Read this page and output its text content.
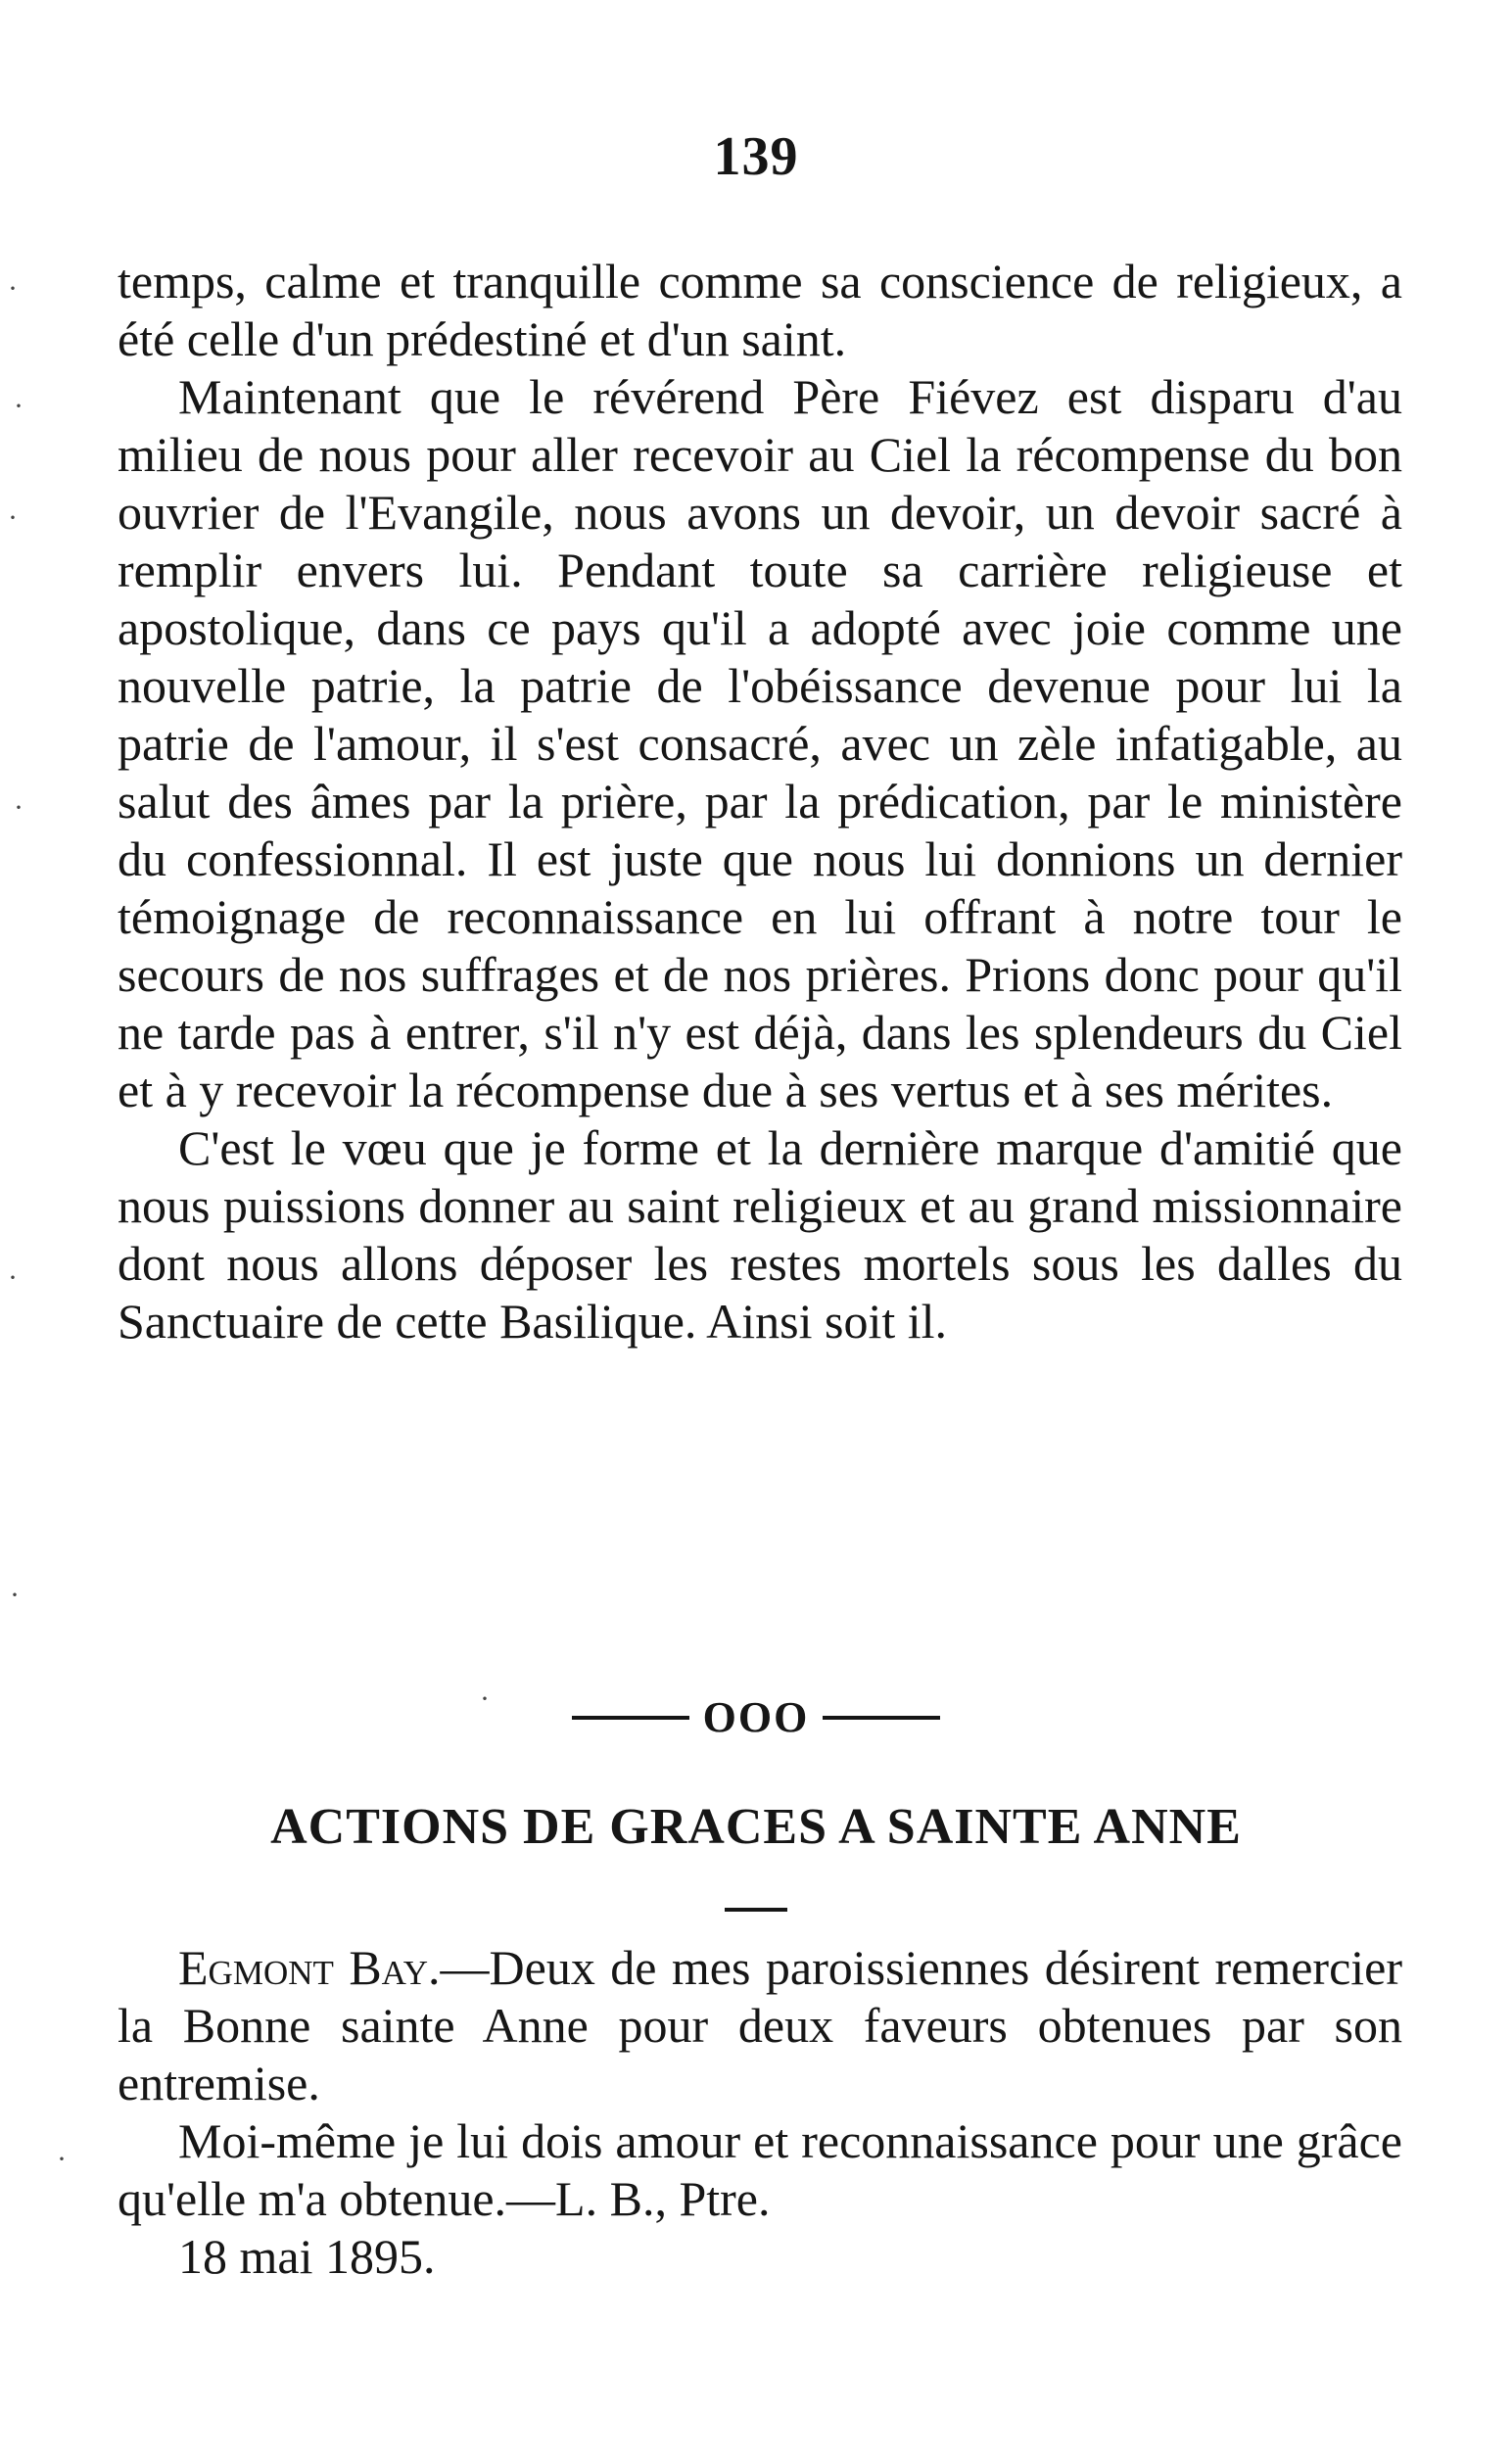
139

temps, calme et tranquille comme sa conscience de religieux, a été celle d'un prédestiné et d'un saint.

Maintenant que le révérend Père Fiévez est disparu d'au milieu de nous pour aller recevoir au Ciel la récompense du bon ouvrier de l'Evangile, nous avons un devoir, un devoir sacré à remplir envers lui. Pendant toute sa carrière religieuse et apostolique, dans ce pays qu'il a adopté avec joie comme une nouvelle patrie, la patrie de l'obéissance devenue pour lui la patrie de l'amour, il s'est consacré, avec un zèle infatigable, au salut des âmes par la prière, par la prédication, par le ministère du confessionnal. Il est juste que nous lui donnions un dernier témoignage de reconnaissance en lui offrant à notre tour le secours de nos suffrages et de nos prières. Prions donc pour qu'il ne tarde pas à entrer, s'il n'y est déjà, dans les splendeurs du Ciel et à y recevoir la récompense due à ses vertus et à ses mérites.

C'est le vœu que je forme et la dernière marque d'amitié que nous puissions donner au saint religieux et au grand missionnaire dont nous allons déposer les restes mortels sous les dalles du Sanctuaire de cette Basilique. Ainsi soit il.

OOO
ACTIONS DE GRACES A SAINTE ANNE

Egmont Bay.—Deux de mes paroissiennes désirent remercier la Bonne sainte Anne pour deux faveurs obtenues par son entremise.

Moi-même je lui dois amour et reconnaissance pour une grâce qu'elle m'a obtenue.—L. B., Ptre.

18 mai 1895.

·
·
·
·
·
·
·
·
